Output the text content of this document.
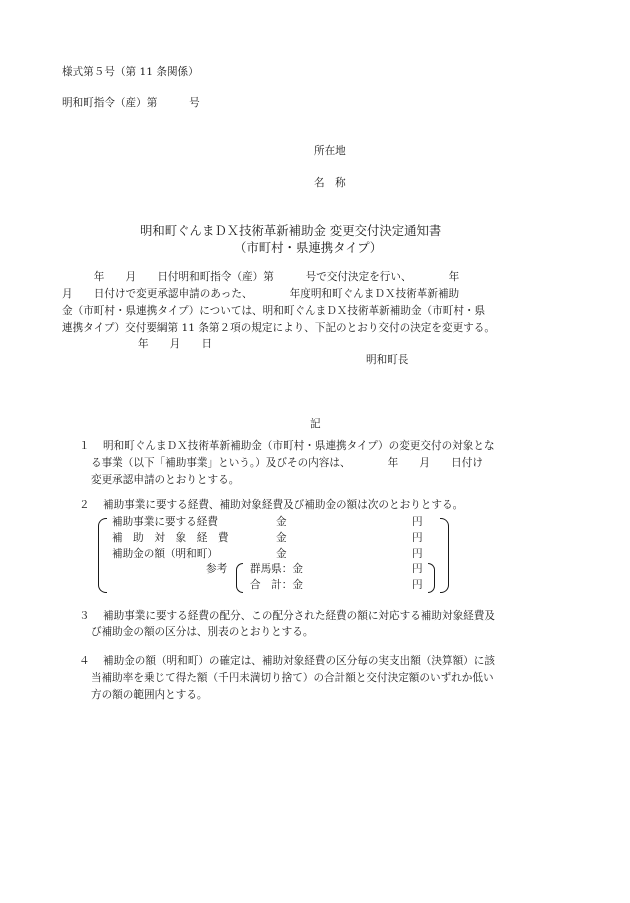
様式第５号（第 11 条関係）
明和町指令（産）第　　　号
所在地
名　称
明和町ぐんまＤＸ技術革新補助金 変更交付決定通知書
（市町村・県連携タイプ）
　　　年　　月　　日付明和町指令（産）第　　　号で交付決定を行い、　　　　年
月　　日付けで変更承認申請のあった、　　　　年度明和町ぐんまＤＸ技術革新補助
金（市町村・県連携タイプ）については、明和町ぐんまＤＸ技術革新補助金（市町村・県
連携タイプ）交付要綱第 11 条第２項の規定により、下記のとおり交付の決定を変更する。
年　　月　　日
明和町長
記
１ 明和町ぐんまＤＸ技術革新補助金（市町村・県連携タイプ）の変更交付の対象とな
る事業（以下「補助事業」という。）及びその内容は、　　　　年　　月　　日付け
変更承認申請のとおりとする。
２ 補助事業に要する経費、補助対象経費及び補助金の額は次のとおりとする。
補助事業に要する経費	金	円
補　助　対　象　経　費	金	円
補助金の額（明和町）	金	円
参考 群馬県：金	円
合　計：金	円
３ 補助事業に要する経費の配分、この配分された経費の額に対応する補助対象経費及
び補助金の額の区分は、別表のとおりとする。
４ 補助金の額（明和町）の確定は、補助対象経費の区分毎の実支出額（決算額）に該
当補助率を乗じて得た額（千円未満切り捨て）の合計額と交付決定額のいずれか低い
方の額の範囲内とする。
